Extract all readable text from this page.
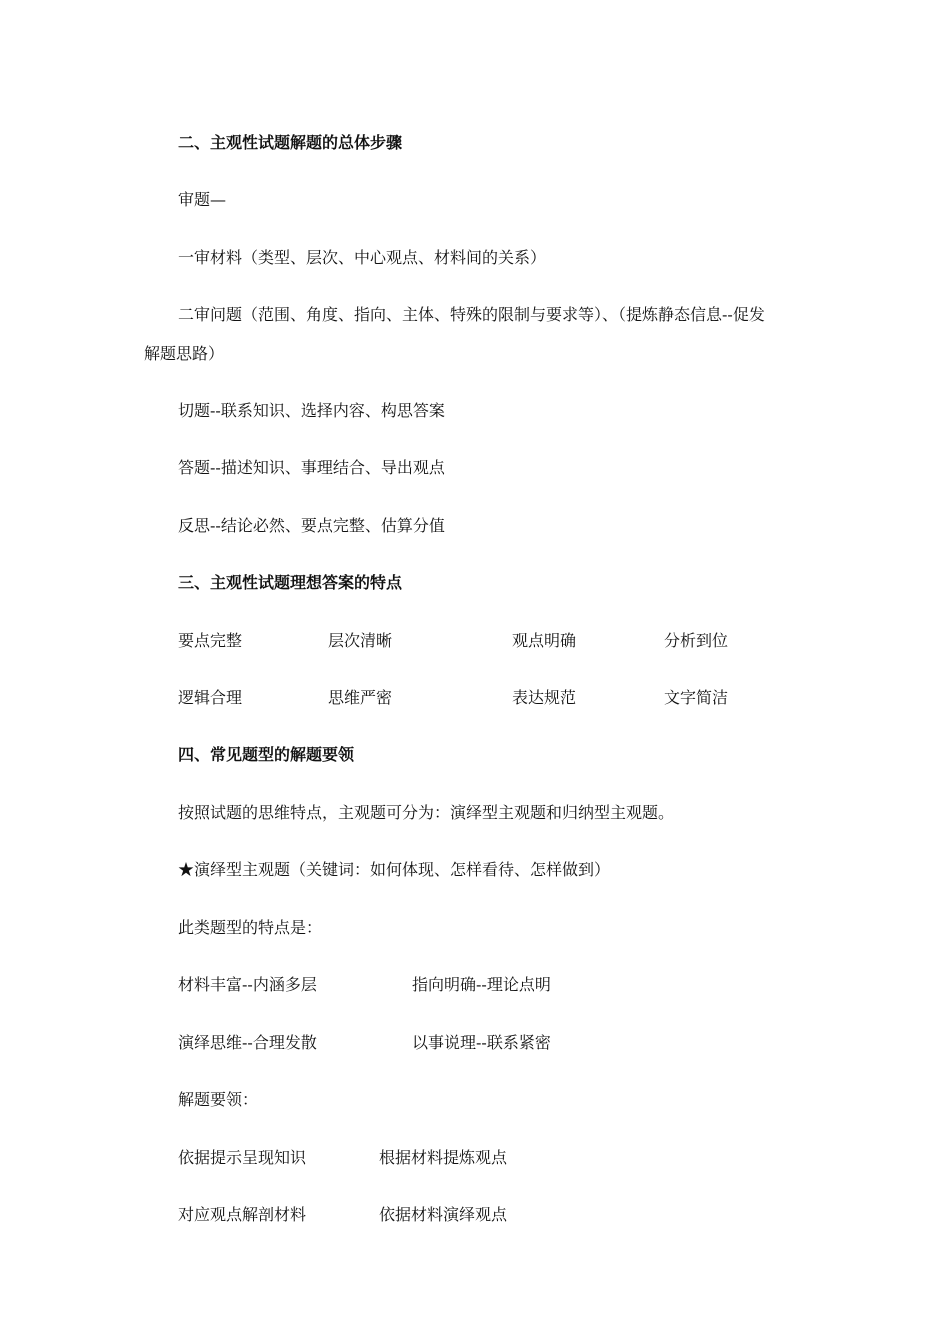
二、主观性试题解题的总体步骤
审题—
一审材料（类型、层次、中心观点、材料间的关系）
二审问题（范围、角度、指向、主体、特殊的限制与要求等）、（提炼静态信息--促发
解题思路）
切题--联系知识、选择内容、构思答案
答题--描述知识、事理结合、导出观点
反思--结论必然、要点完整、估算分值
三、主观性试题理想答案的特点
要点完整	层次清晰	观点明确	分析到位
逻辑合理	思维严密	表达规范	文字简洁
四、常见题型的解题要领
按照试题的思维特点，主观题可分为：演绎型主观题和归纳型主观题。
★演绎型主观题（关键词：如何体现、怎样看待、怎样做到）
此类题型的特点是：
材料丰富--内涵多层	指向明确--理论点明
演绎思维--合理发散	以事说理--联系紧密
解题要领：
依据提示呈现知识	根据材料提炼观点
对应观点解剖材料	依据材料演绎观点
